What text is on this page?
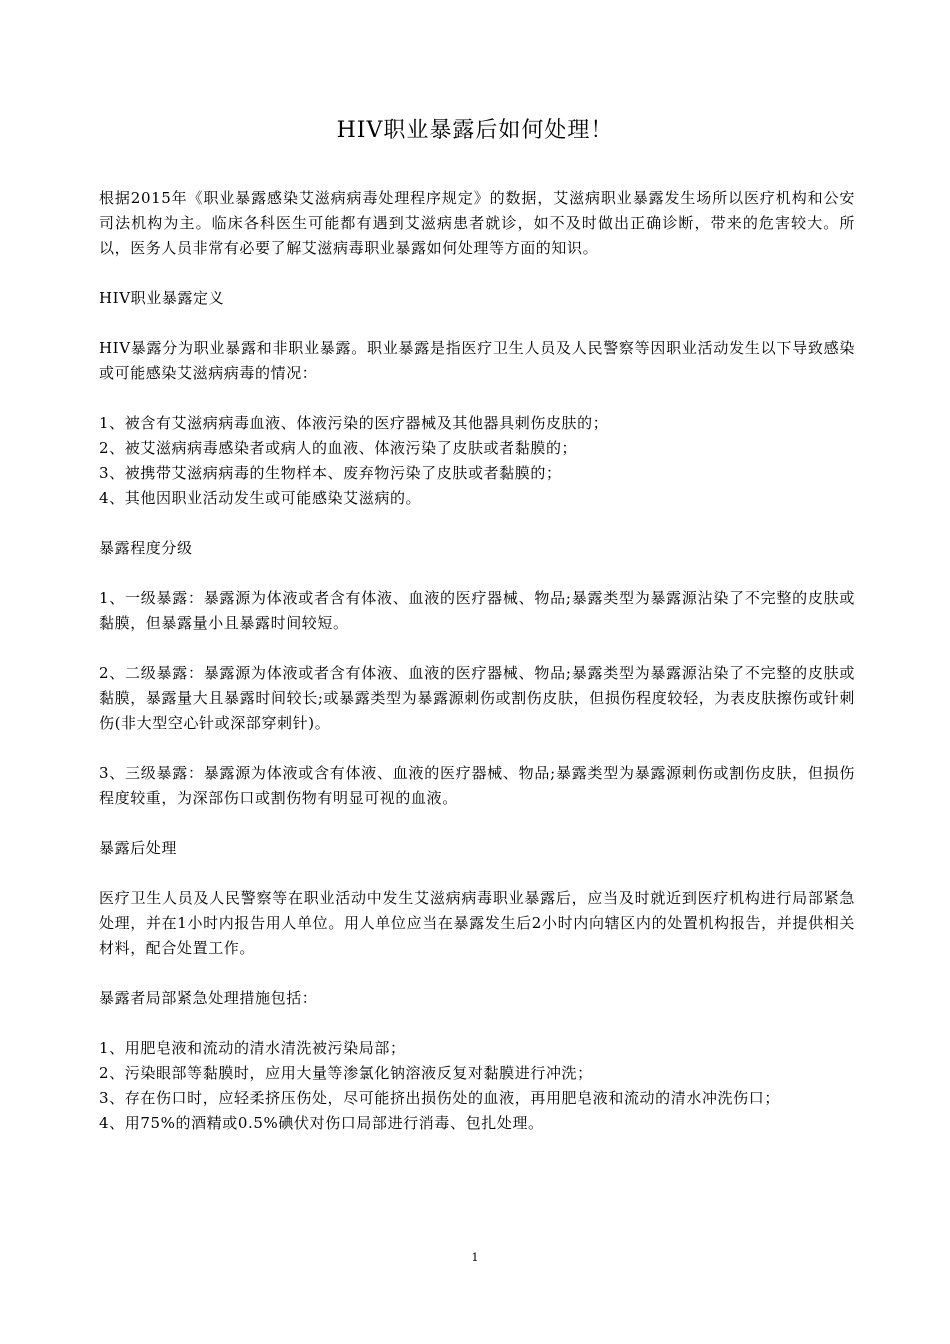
HIV职业暴露后如何处理！

根据2015年《职业暴露感染艾滋病病毒处理程序规定》的数据，艾滋病职业暴露发生场所以医疗机构和公安司法机构为主。临床各科医生可能都有遇到艾滋病患者就诊，如不及时做出正确诊断，带来的危害较大。所以，医务人员非常有必要了解艾滋病毒职业暴露如何处理等方面的知识。

HIV职业暴露定义

HIV暴露分为职业暴露和非职业暴露。职业暴露是指医疗卫生人员及人民警察等因职业活动发生以下导致感染或可能感染艾滋病病毒的情况：

1、被含有艾滋病病毒血液、体液污染的医疗器械及其他器具刺伤皮肤的；

2、被艾滋病病毒感染者或病人的血液、体液污染了皮肤或者黏膜的；

3、被携带艾滋病病毒的生物样本、废弃物污染了皮肤或者黏膜的；

4、其他因职业活动发生或可能感染艾滋病的。

暴露程度分级

1、一级暴露：暴露源为体液或者含有体液、血液的医疗器械、物品;暴露类型为暴露源沾染了不完整的皮肤或黏膜，但暴露量小且暴露时间较短。

2、二级暴露：暴露源为体液或者含有体液、血液的医疗器械、物品;暴露类型为暴露源沾染了不完整的皮肤或黏膜，暴露量大且暴露时间较长;或暴露类型为暴露源刺伤或割伤皮肤，但损伤程度较轻，为表皮肤擦伤或针刺伤(非大型空心针或深部穿刺针)。

3、三级暴露：暴露源为体液或含有体液、血液的医疗器械、物品;暴露类型为暴露源刺伤或割伤皮肤，但损伤程度较重，为深部伤口或割伤物有明显可视的血液。

暴露后处理

医疗卫生人员及人民警察等在职业活动中发生艾滋病病毒职业暴露后，应当及时就近到医疗机构进行局部紧急处理，并在1小时内报告用人单位。用人单位应当在暴露发生后2小时内向辖区内的处置机构报告，并提供相关材料，配合处置工作。

暴露者局部紧急处理措施包括：

1、用肥皂液和流动的清水清洗被污染局部；

2、污染眼部等黏膜时，应用大量等渗氯化钠溶液反复对黏膜进行冲洗；

3、存在伤口时，应轻柔挤压伤处，尽可能挤出损伤处的血液，再用肥皂液和流动的清水冲洗伤口；

4、用75%的酒精或0.5%碘伏对伤口局部进行消毒、包扎处理。

1
